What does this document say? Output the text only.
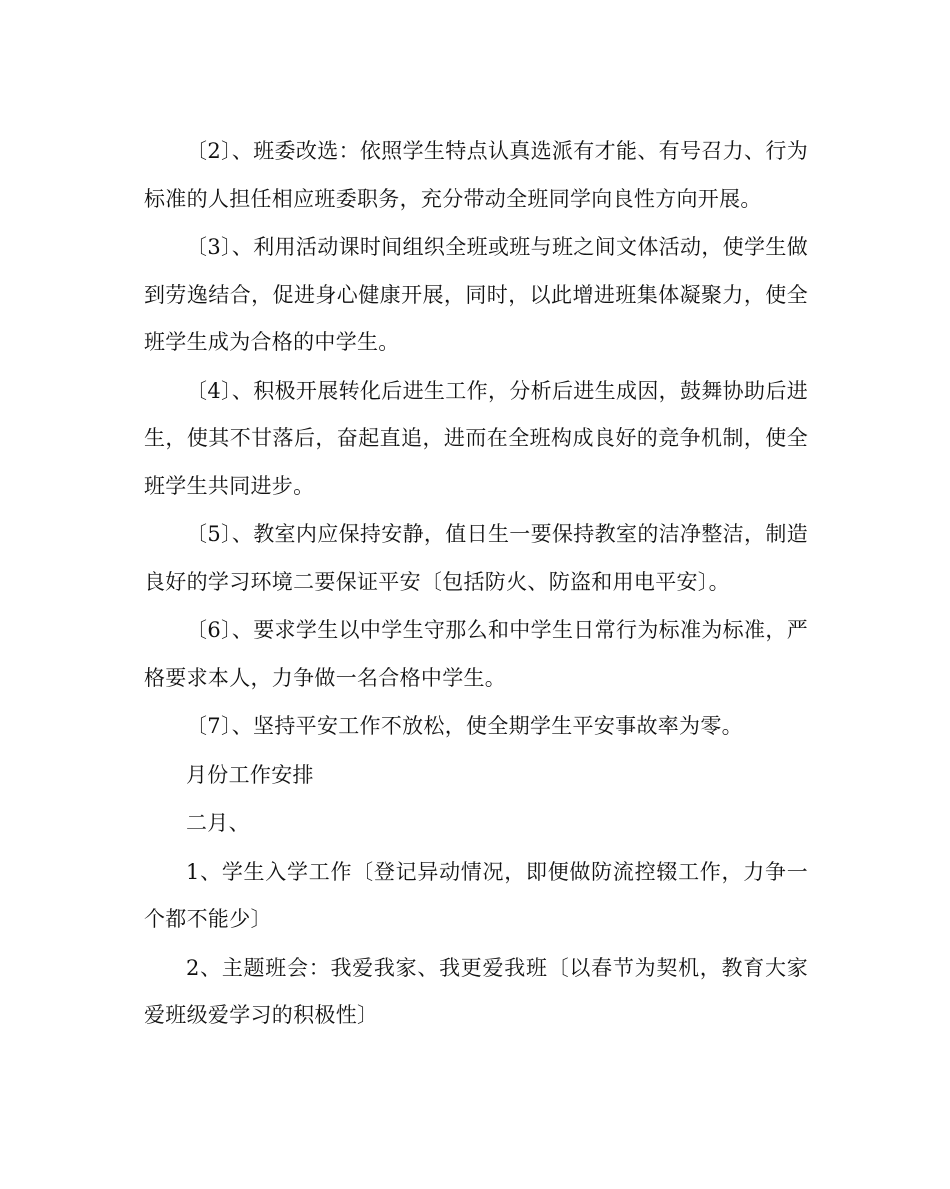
〔2〕、班委改选：依照学生特点认真选派有才能、有号召力、行为标准的人担任相应班委职务，充分带动全班同学向良性方向开展。

〔3〕、利用活动课时间组织全班或班与班之间文体活动，使学生做到劳逸结合，促进身心健康开展，同时，以此增进班集体凝聚力，使全班学生成为合格的中学生。

〔4〕、积极开展转化后进生工作，分析后进生成因，鼓舞协助后进生，使其不甘落后，奋起直追，进而在全班构成良好的竞争机制，使全班学生共同进步。

〔5〕、教室内应保持安静，值日生一要保持教室的洁净整洁，制造良好的学习环境二要保证平安〔包括防火、防盗和用电平安〕。

〔6〕、要求学生以中学生守那么和中学生日常行为标准为标准，严格要求本人，力争做一名合格中学生。

〔7〕、坚持平安工作不放松，使全期学生平安事故率为零。

月份工作安排

二月、

1、学生入学工作〔登记异动情况，即便做防流控辍工作，力争一个都不能少〕

2、主题班会：我爱我家、我更爱我班〔以春节为契机，教育大家爱班级爱学习的积极性〕
